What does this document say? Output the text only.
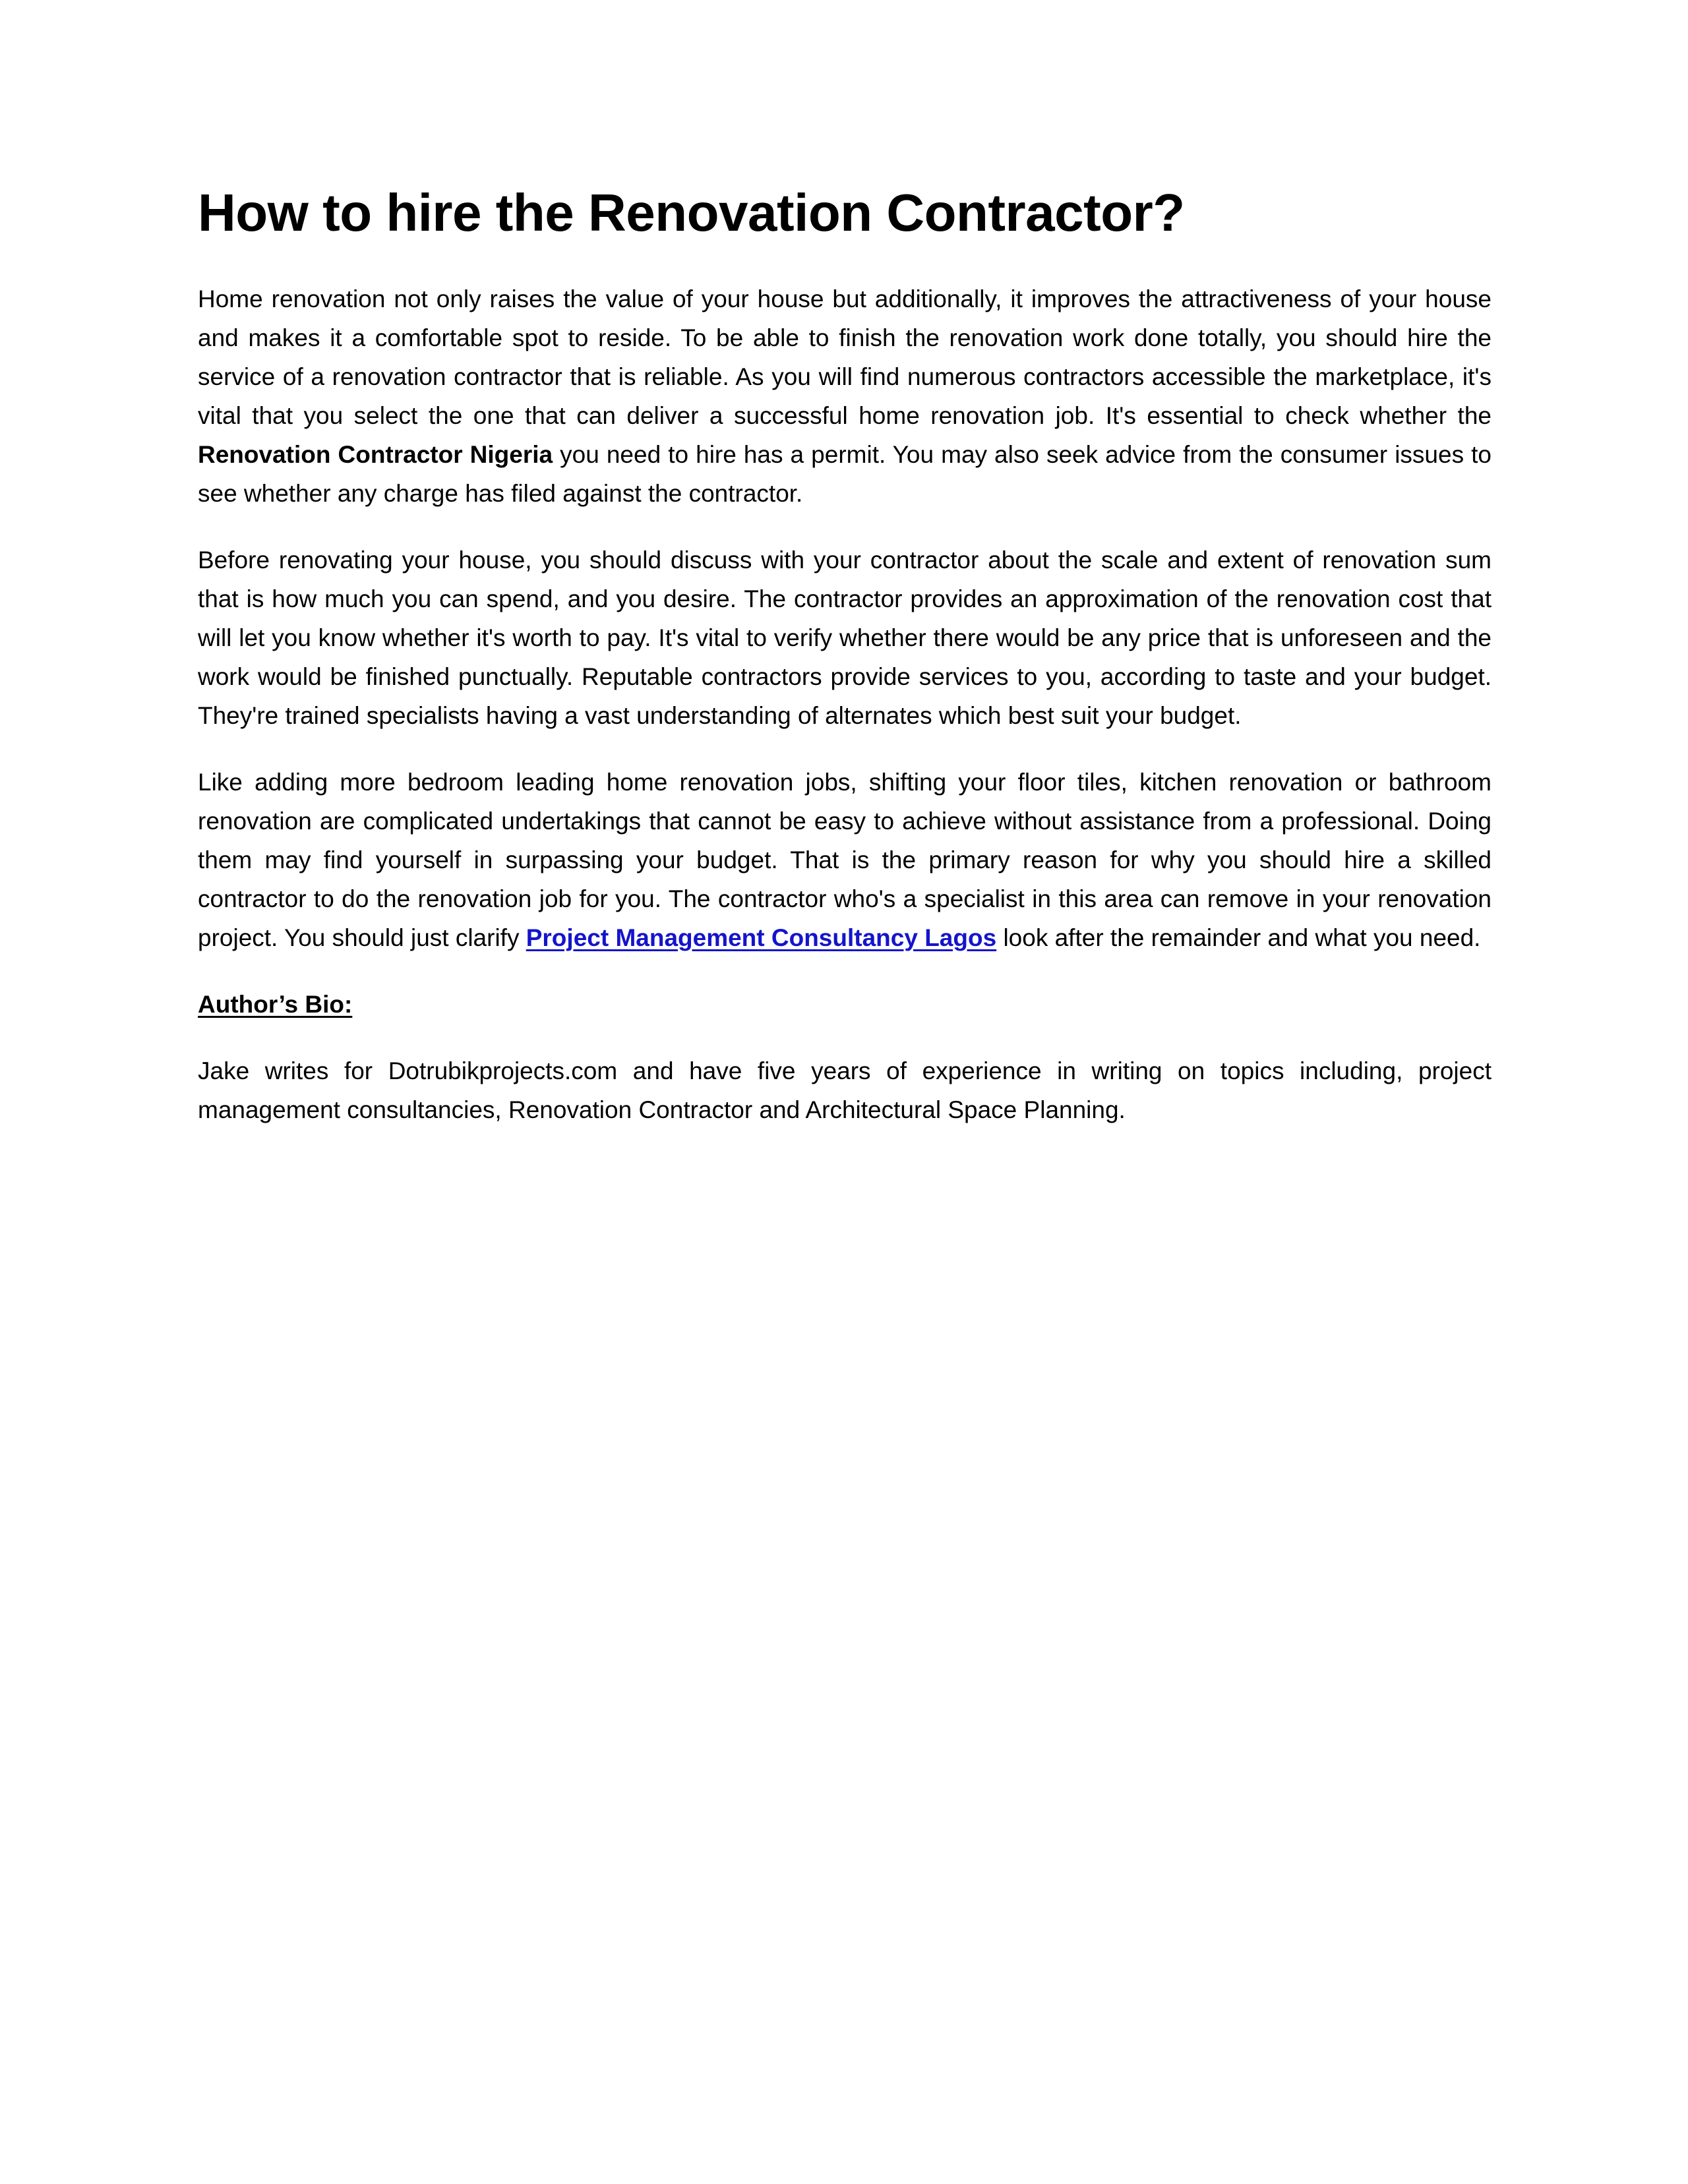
How to hire the Renovation Contractor?

Home renovation not only raises the value of your house but additionally, it improves the attractiveness of your house and makes it a comfortable spot to reside. To be able to finish the renovation work done totally, you should hire the service of a renovation contractor that is reliable. As you will find numerous contractors accessible the marketplace, it's vital that you select the one that can deliver a successful home renovation job. It's essential to check whether the Renovation Contractor Nigeria you need to hire has a permit. You may also seek advice from the consumer issues to see whether any charge has filed against the contractor.

Before renovating your house, you should discuss with your contractor about the scale and extent of renovation sum that is how much you can spend, and you desire. The contractor provides an approximation of the renovation cost that will let you know whether it's worth to pay. It's vital to verify whether there would be any price that is unforeseen and the work would be finished punctually. Reputable contractors provide services to you, according to taste and your budget. They're trained specialists having a vast understanding of alternates which best suit your budget.

Like adding more bedroom leading home renovation jobs, shifting your floor tiles, kitchen renovation or bathroom renovation are complicated undertakings that cannot be easy to achieve without assistance from a professional. Doing them may find yourself in surpassing your budget. That is the primary reason for why you should hire a skilled contractor to do the renovation job for you. The contractor who's a specialist in this area can remove in your renovation project. You should just clarify Project Management Consultancy Lagos look after the remainder and what you need.

Author’s Bio:

Jake writes for Dotrubikprojects.com and have five years of experience in writing on topics including, project management consultancies, Renovation Contractor and Architectural Space Planning.
